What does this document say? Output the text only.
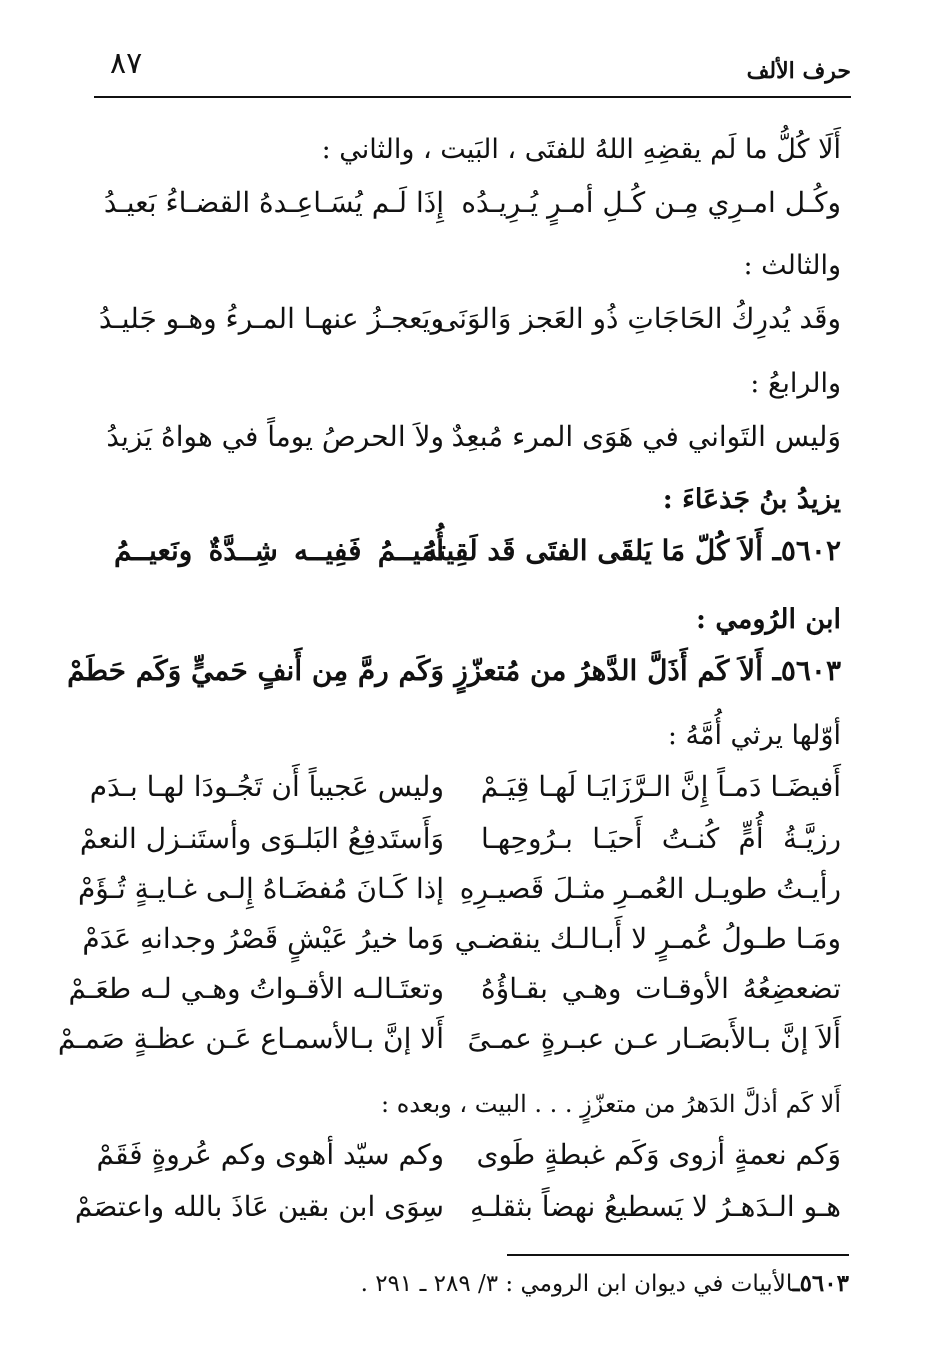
حرف الألف
٨٧
أَلَا كُلُّ ما لَم يقضِهِ اللهُ للفتَى ، البَيت ، والثاني :
وكُـل امـرِي مِـن كُـلِ أمـرٍ يُـرِيـدُه
إِذَا لَـم يُسَـاعِـدهُ القضـاءُ بَعيـدُ
والثالث :
وقَد يُدرِكُ الحَاجَاتِ ذُو العَجز وَالوَنَى
ويَعجـزُ عنهـا المـرءُ وهـو جَليـدُ
والرابعُ :
وَليس التَواني في هَوَى المرء مُبعِدٌ
ولاَ الحرصُ يوماً في هواهُ يَزيدُ
يزيدُ بنُ جَذعَاءَ :
٥٦٠٢ـ أَلاَ كُلّ مَا يَلقَى الفتَى قَد لَقِيتهُ
أُمَيــمُ فَفِيــه شِــدَّةٌ ونَعيــمُ
ابن الرُومي :
٥٦٠٣ـ أَلاَ كَم أَذَلَّ الدَّهرُ من مُتعزّزٍ
وَكَم رمَّ مِن أَنفٍ حَميٍّ وَكَم حَطَمْ
أوّلها يرثي أُمَّهُ :
أَفيضَـا دَمـاً إِنَّ الـرَّزَايَـا لَهـا قِيَـمْ
وليس عَجيباً أَن تَجُـودَا لهـا بـدَم
رزيَّـةُ أُمٍّ كُنـتُ أَحيَـا بـرُوحِهـا
وَأَستَدفِعُ البَلـوَى وأستَنـزل النعمْ
رأيـتُ طويـل العُمـرِ مثـلَ قَصيـرِهِ
إذا كَـانَ مُفضَـاهُ إِلـى غـايـةٍ تُـؤَمْ
ومَـا طـولُ عُمـرٍ لا أَبـالـك ينقضـي
وَما خيرُ عَيْشٍ قَصْرُ وجدانهِ عَدَمْ
تضعضِعُهُ الأوقـات وهـي بقـاؤُهُ
وتعتَـالـه الأقـواتُ وهـي لـه طعَـمْ
أَلاَ إنَّ بـالأَبصَـار عـن عبـرةٍ عمـىً
أَلا إنَّ بـالأسمـاع عَـن عظـةٍ صَمـمْ
أَلا كَم أذلَّ الدَهرُ من متعزّزٍ . . . البيت ، وبعده :
وَكم نعمةٍ أزوى وَكَم غبطةٍ طَوى
وكم سيّد أهوى وكم عُروةٍ فَقَمْ
هـو الـدَهـرُ لا يَسطيعُ نهضاً بثقلـهِ
سِوَى ابن بقين عَاذَ بالله واعتصَمْ
٥٦٠٣ـالأبيات في ديوان ابن الرومي : ٣/ ٢٨٩ ـ ٢٩١ .
